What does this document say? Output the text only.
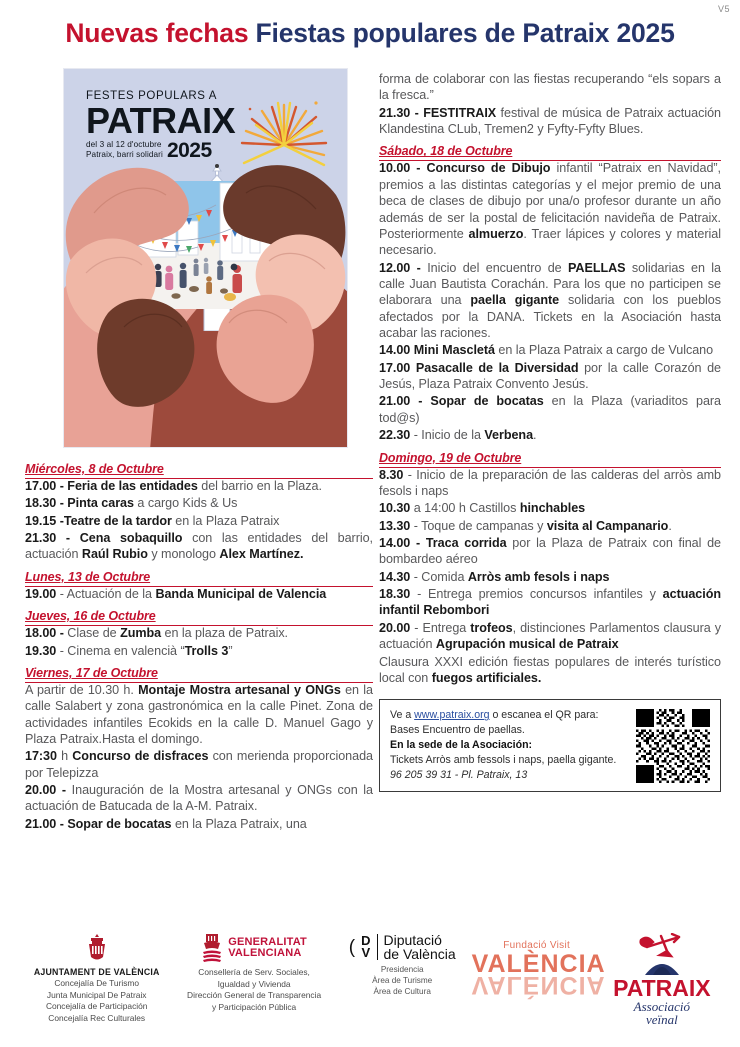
V5
Nuevas fechas Fiestas populares de Patraix 2025
FESTES POPULARS A
PATRAIX
del 3 al 12 d'octubre
Patraix, barri solidari 2025
Miércoles, 8 de Octubre
17.00 - Feria de las entidades del barrio en la Plaza.
18.30 - Pinta caras a cargo Kids & Us
19.15 -Teatre de la tardor en la Plaza Patraix
21.30 - Cena sobaquillo con las entidades del barrio, actuación Raúl Rubio y monologo Alex Martínez.
Lunes, 13 de Octubre
19.00 - Actuación de la Banda Municipal de Valencia
Jueves, 16 de Octubre
18.00 - Clase de Zumba en la plaza de Patraix.
19.30 - Cinema en valencià “Trolls 3”
Viernes, 17 de Octubre
A partir de 10.30 h. Montaje Mostra artesanal y ONGs en la calle Salabert y zona gastronómica en la calle Pinet. Zona de actividades infantiles Ecokids en la calle D. Manuel Gago y Plaza Patraix.Hasta el domingo.
17:30 h Concurso de disfraces con merienda proporcionada por Telepizza
20.00 - Inauguración de la Mostra artesanal y ONGs con la actuación de Batucada de la A-M. Patraix.
21.00 - Sopar de bocatas en la Plaza Patraix, una
forma de colaborar con las fiestas recuperando “els sopars a la fresca.”
21.30 - FESTITRAIX festival de música de Patraix actuación Klandestina CLub, Tremen2 y Fyfty-Fyfty Blues.
Sábado, 18 de Octubre
10.00 - Concurso de Dibujo infantil “Patraix en Navidad”, premios a las distintas categorías y el mejor premio de una beca de clases de dibujo por una/o profesor durante un año además de ser la postal de felicitación navideña de Patraix. Posteriormente almuerzo. Traer lápices y colores y material necesario.
12.00 - Inicio del encuentro de PAELLAS solidarias en la calle Juan Bautista Corachán. Para los que no participen se elaborara una paella gigante solidaria con los pueblos afectados por la DANA. Tickets en la Asociación hasta acabar las raciones.
14.00 Mini Mascletá en la Plaza Patraix a cargo de Vulcano
17.00 Pasacalle de la Diversidad por la calle Corazón de Jesús, Plaza Patraix Convento Jesús.
21.00 - Sopar de bocatas en la Plaza (variaditos para tod@s)
22.30 - Inicio de la Verbena.
Domingo, 19 de Octubre
8.30 - Inicio de la preparación de las calderas del arròs amb fesols i naps
10.30 a 14:00 h Castillos hinchables
13.30 - Toque de campanas y visita al Campanario.
14.00 - Traca corrida por la Plaza de Patraix con final de bombardeo aéreo
14.30 - Comida Arròs amb fesols i naps
18.30 - Entrega premios concursos infantiles y actuación infantil Rebombori
20.00 - Entrega trofeos, distinciones Parlamentos clausura y actuación Agrupación musical de Patraix
Clausura XXXI edición fiestas populares de interés turístico local con fuegos artificiales.
Ve a www.patraix.org o escanea el QR para:
Bases Encuentro de paellas.
En la sede de la Asociación:
Tickets Arròs amb fessols i naps, paella gigante.
96 205 39 31 - Pl. Patraix, 13
AJUNTAMENT DE VALÈNCIA
Concejalía De Turismo
Junta Municipal De Patraix
Concejalía de Participación
Concejalía Rec Culturales
GENERALITAT
VALENCIANA
Consellería de Serv. Sociales,
Igualdad y Vivienda
Dirección General de Transparencia
y Participación Pública
( D
V
Diputació
de València
Presidencia
Àrea de Turisme
Àrea de Cultura
Fundació Visit
VALÈNCIA
VALÈNCIA PATRAIX
Associació
veïnal
